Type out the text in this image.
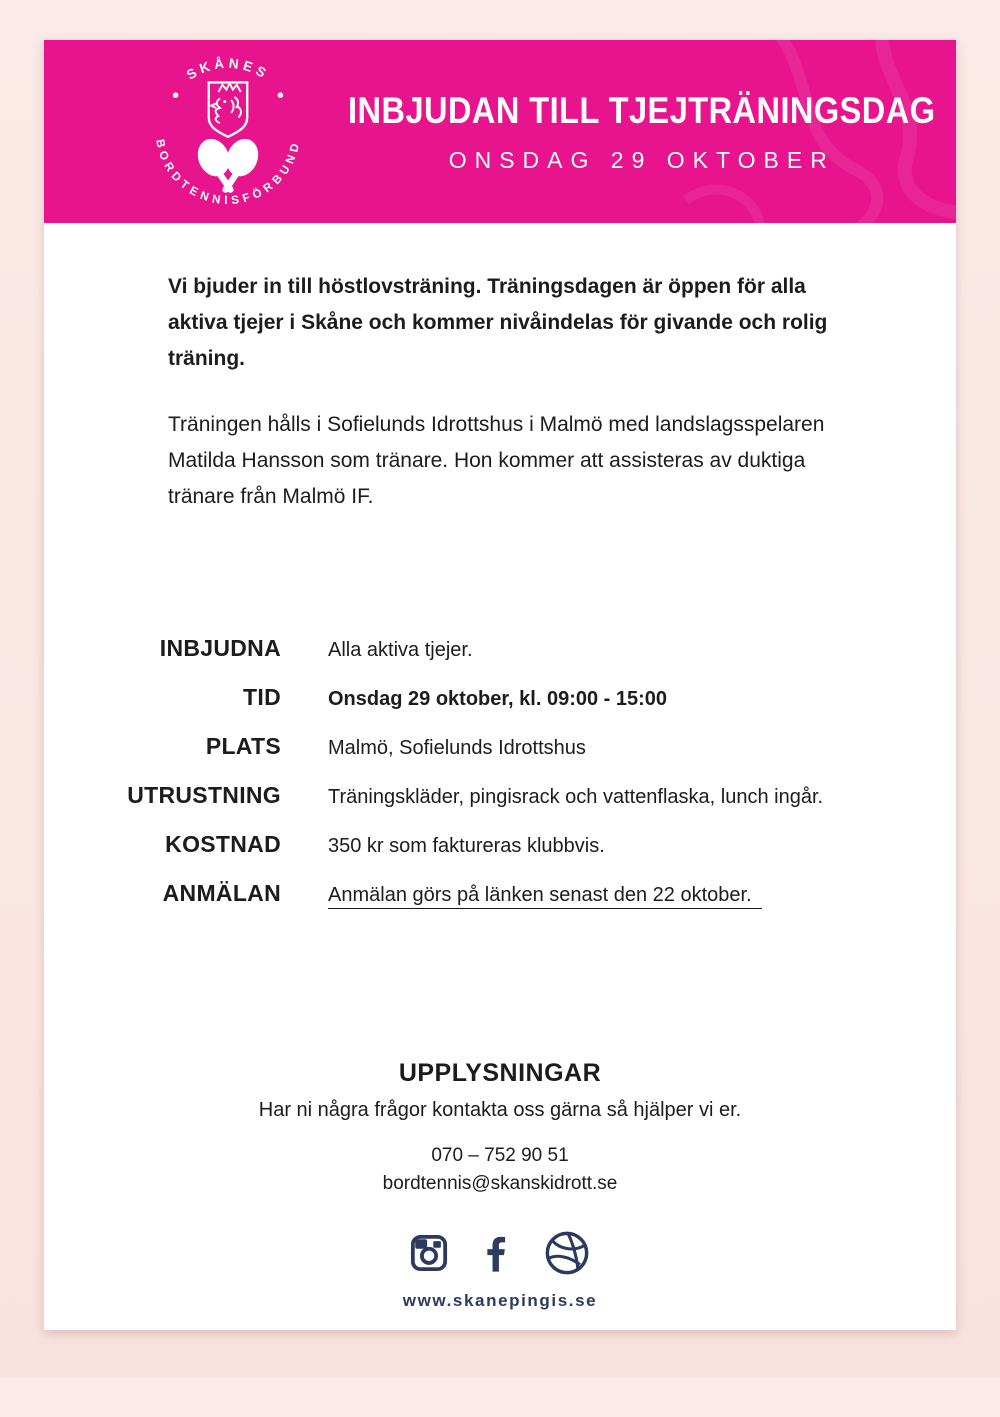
SKÅNES
BORDTENNISFÖRBUND
INBJUDAN TILL TJEJTRÄNINGSDAG
ONSDAG 29 OKTOBER

Vi bjuder in till höstlovsträning. Träningsdagen är öppen för alla aktiva tjejer i Skåne och kommer nivåindelas för givande och rolig träning.

Träningen hålls i Sofielunds Idrottshus i Malmö med landslagsspelaren Matilda Hansson som tränare. Hon kommer att assisteras av duktiga tränare från Malmö IF.

INBJUDNA Alla aktiva tjejer.
TID Onsdag 29 oktober, kl. 09:00 - 15:00
PLATS Malmö, Sofielunds Idrottshus
UTRUSTNING Träningskläder, pingisrack och vattenflaska, lunch ingår.
KOSTNAD 350 kr som faktureras klubbvis.
ANMÄLAN Anmälan görs på länken senast den 22 oktober.
UPPLYSNINGAR
Har ni några frågor kontakta oss gärna så hjälper vi er.
070 – 752 90 51
bordtennis@skanskidrott.se
www.skanepingis.se
